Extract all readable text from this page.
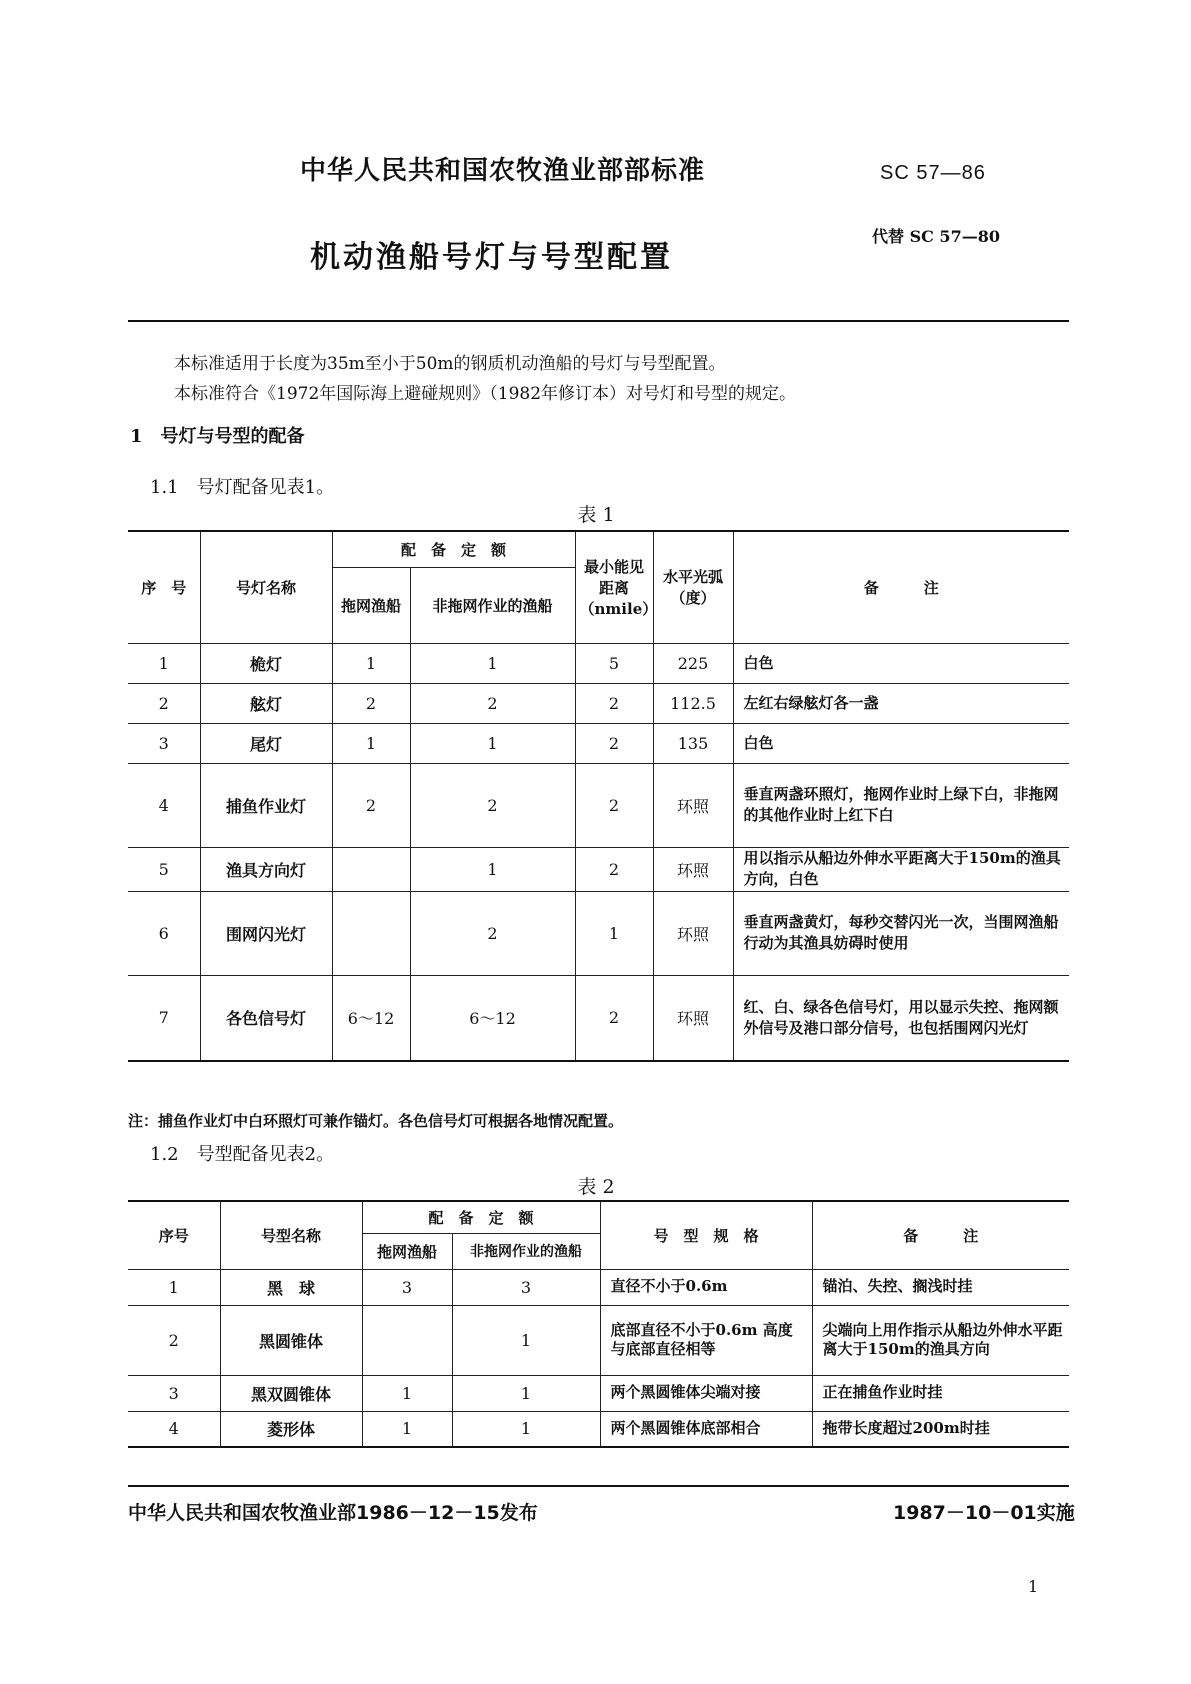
中华人民共和国农牧渔业部部标准	SC 57—86
机动渔船号灯与号型配置
代替 SC 57—80
本标准适用于长度为35m至小于50m的钢质机动渔船的号灯与号型配置。
本标准符合《1972年国际海上避碰规则》（1982年修订本）对号灯和号型的规定。
1　号灯与号型的配备
1.1　号灯配备见表1。
表 1
序　号	号灯名称	配　备　定　额		最小能见距离（nmile）	水平光弧（度）	备　　　注
		拖网渔船	非拖网作业的渔船			
1	桅灯	1	1	5	225	白色
2	舷灯	2	2	2	112.5	左红右绿舷灯各一盏
3	尾灯	1	1	2	135	白色
4	捕鱼作业灯	2	2	2	环照	垂直两盏环照灯，拖网作业时上绿下白，非拖网的其他作业时上红下白
5	渔具方向灯		1	2	环照	用以指示从船边外伸水平距离大于150m的渔具方向，白色
6	围网闪光灯		2	1	环照	垂直两盏黄灯，每秒交替闪光一次，当围网渔船行动为其渔具妨碍时使用
7	各色信号灯	6～12	6～12	2	环照	红、白、绿各色信号灯，用以显示失控、拖网额外信号及港口部分信号，也包括围网闪光灯
注：捕鱼作业灯中白环照灯可兼作锚灯。各色信号灯可根据各地情况配置。
1.2　号型配备见表2。
表 2
序号	号型名称	配　备　定　额		号　型　规　格	备　　　注
		拖网渔船	非拖网作业的渔船		
1	黑　球	3	3	直径不小于0.6m	锚泊、失控、搁浅时挂
2	黑圆锥体		1	底部直径不小于0.6m 高度与底部直径相等	尖端向上用作指示从船边外伸水平距离大于150m的渔具方向
3	黑双圆锥体	1	1	两个黑圆锥体尖端对接	正在捕鱼作业时挂
4	菱形体	1	1	两个黑圆锥体底部相合	拖带长度超过200m时挂
中华人民共和国农牧渔业部1986－12－15发布	1987－10－01实施
1
